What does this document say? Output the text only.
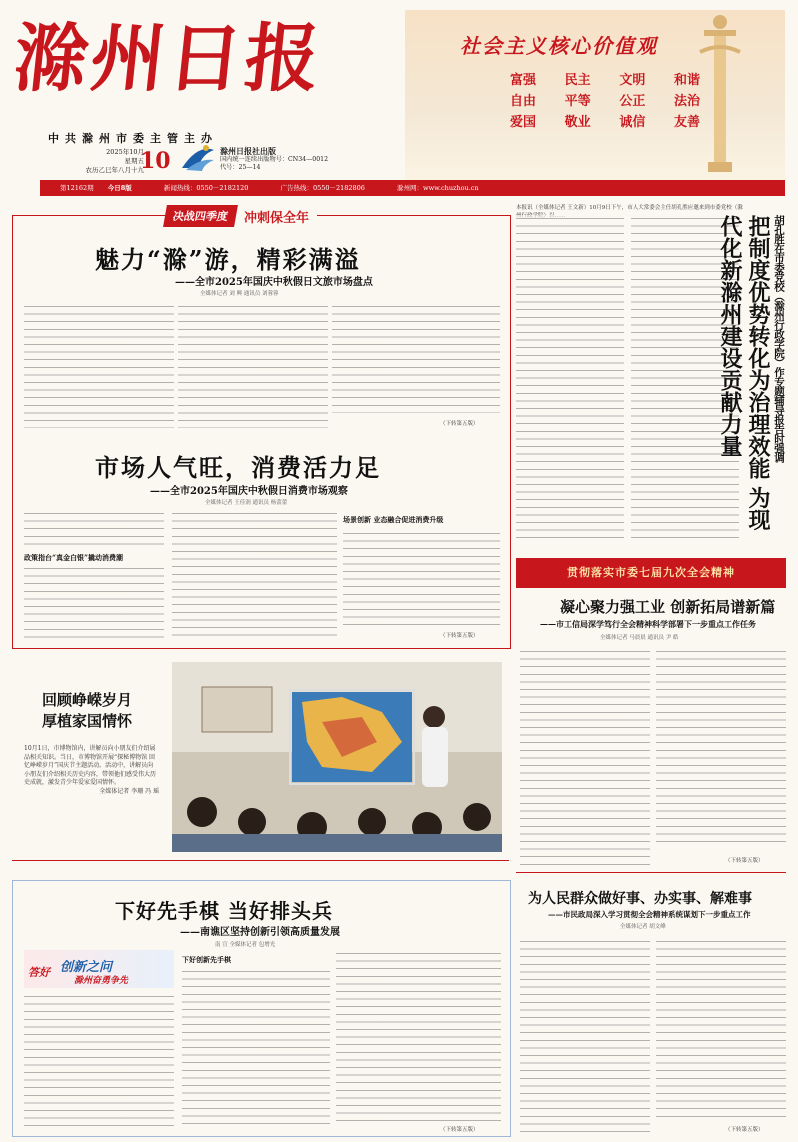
滁州日报
中共滁州市委主管主办
2025年10月
星期五
农历乙巳年八月十九
10	滁州日报社出版
国内统一连续出版物号：CN34—0012
代号：25—14
社会主义核心价值观
富强 民主 文明 和谐
自由 平等 公正 法治
爱国 敬业 诚信 友善
第12162期 今日8版	新闻热线：0550－2182120	广告热线：0550－2182806	滁州网：www.chuzhou.cn
决战四季度	冲刺保全年
魅力“滁”游，精彩满溢
——全市2025年国庆中秋假日文旅市场盘点
全媒体记者 刘 興 通讯员 刘蓉蓉
（下转第五版）
市场人气旺，消费活力足
——全市2025年国庆中秋假日消费市场观察
全媒体记者 王佳润 通讯员 杨蕾蕾
政策指台“真金白银”撬动消费潮
场景创新 业态融合促进消费升级
（下转第五版）
回顾峥嵘岁月
厚植家国情怀
10月1日，市博物馆内，讲解员向小朋友们介绍展品相关知识。当日，市博物馆开展“探秘博物馆 回忆峥嵘岁月”国庆节主题活动。活动中，讲解员向小朋友们介绍相关历史内容，带领他们感受伟大历史成就，激发青少年爱家爱国情怀。

全媒体记者 李珊 冯 瑶
下好先手棋 当好排头兵
——南谯区坚持创新引领高质量发展
南 宣 全媒体记者 包增光
答好 创新之问
滁州奋勇争先
下好创新先手棋
（下转第五版）
本报讯（全媒体记者 王文新）10月9日下午，市人大常委会主任胡孔胜应邀来到市委党校（滁
胡孔胜在市委党校（滁州行政学院）作专题辅导报告时强调
把制度优势转化为治理效能 为现代化新滁州建设贡献力量
贯彻落实市委七届九次全会精神
凝心聚力强工业 创新拓局谱新篇
——市工信局深学笃行全会精神科学部署下一步重点工作任务
全媒体记者 马晨晨 通讯员 尹 皓
（下转第五版）
为人民群众做好事、办实事、解难事
——市民政局深入学习贯彻全会精神系统谋划下一步重点工作
全媒体记者 胡文峰
（下转第五版）
